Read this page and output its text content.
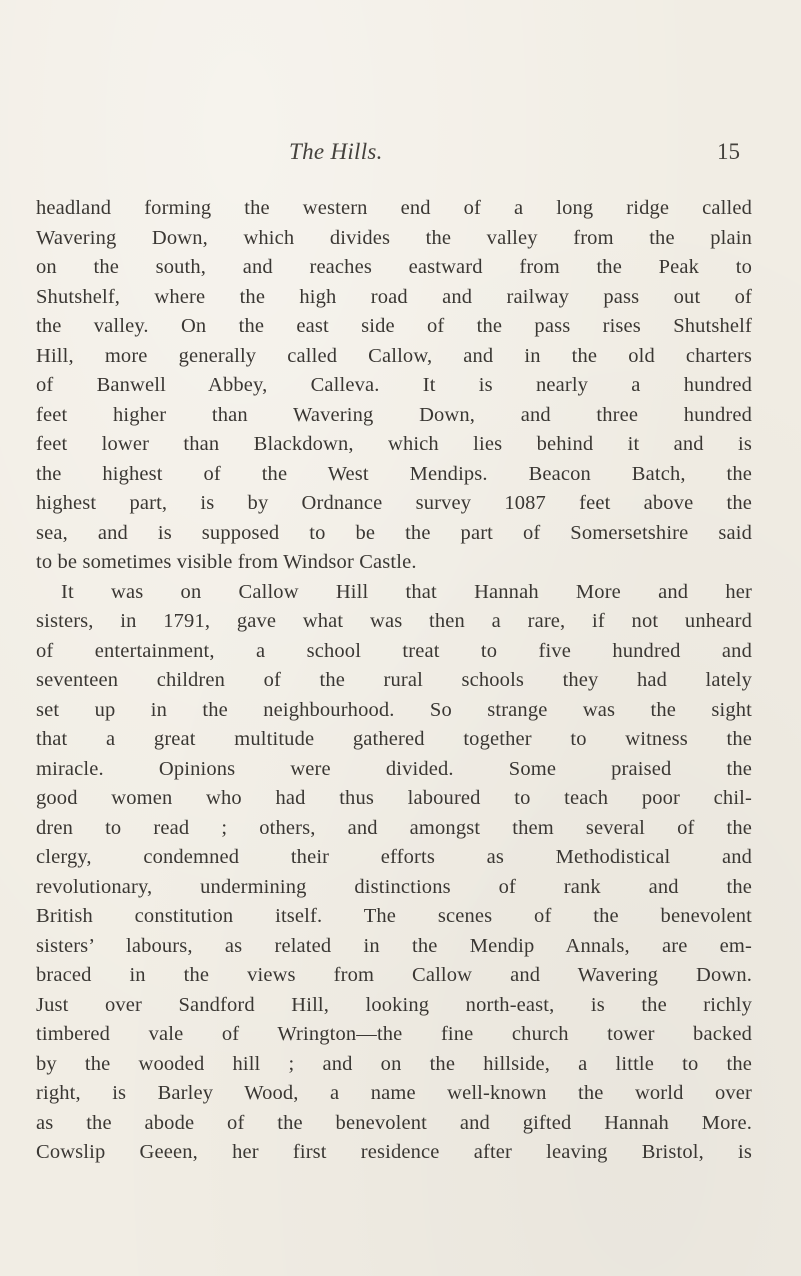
The Hills.	15
headland forming the western end of a long ridge called
Wavering Down, which divides the valley from the plain
on the south, and reaches eastward from the Peak to
Shutshelf, where the high road and railway pass out of
the valley. On the east side of the pass rises Shutshelf
Hill, more generally called Callow, and in the old charters
of Banwell Abbey, Calleva. It is nearly a hundred
feet higher than Wavering Down, and three hundred
feet lower than Blackdown, which lies behind it and is
the highest of the West Mendips. Beacon Batch, the
highest part, is by Ordnance survey 1087 feet above the
sea, and is supposed to be the part of Somersetshire said
to be sometimes visible from Windsor Castle.
It was on Callow Hill that Hannah More and her
sisters, in 1791, gave what was then a rare, if not unheard
of entertainment, a school treat to five hundred and
seventeen children of the rural schools they had lately
set up in the neighbourhood. So strange was the sight
that a great multitude gathered together to witness the
miracle. Opinions were divided. Some praised the
good women who had thus laboured to teach poor chil-
dren to read ; others, and amongst them several of the
clergy, condemned their efforts as Methodistical and
revolutionary, undermining distinctions of rank and the
British constitution itself. The scenes of the benevolent
sisters’ labours, as related in the Mendip Annals, are em-
braced in the views from Callow and Wavering Down.
Just over Sandford Hill, looking north-east, is the richly
timbered vale of Wrington—the fine church tower backed
by the wooded hill ; and on the hillside, a little to the
right, is Barley Wood, a name well-known the world over
as the abode of the benevolent and gifted Hannah More.
Cowslip Geeen, her first residence after leaving Bristol, is
